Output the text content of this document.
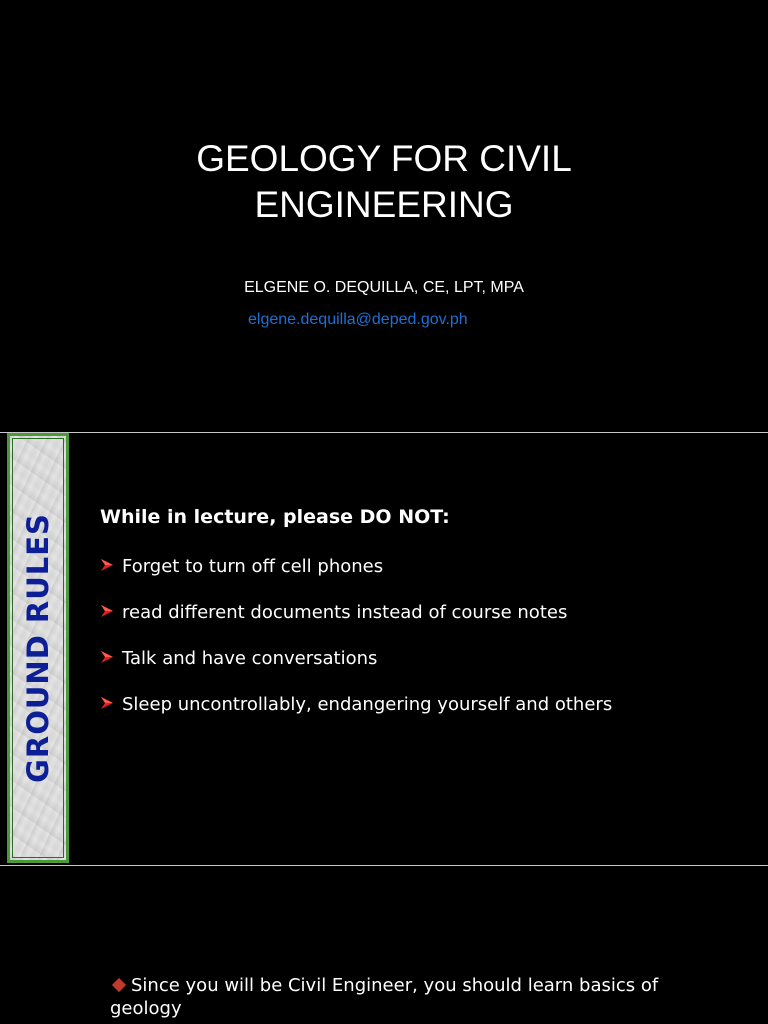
GEOLOGY FOR CIVIL
ENGINEERING
ELGENE O. DEQUILLA, CE, LPT, MPA
elgene.dequilla@deped.gov.ph
GROUND RULES While in lecture, please DO NOT:
Forget to turn off cell phones
read different documents instead of course notes
Talk and have conversations
Sleep uncontrollably, endangering yourself and others
Since you will be Civil Engineer, you should learn basics of geology
